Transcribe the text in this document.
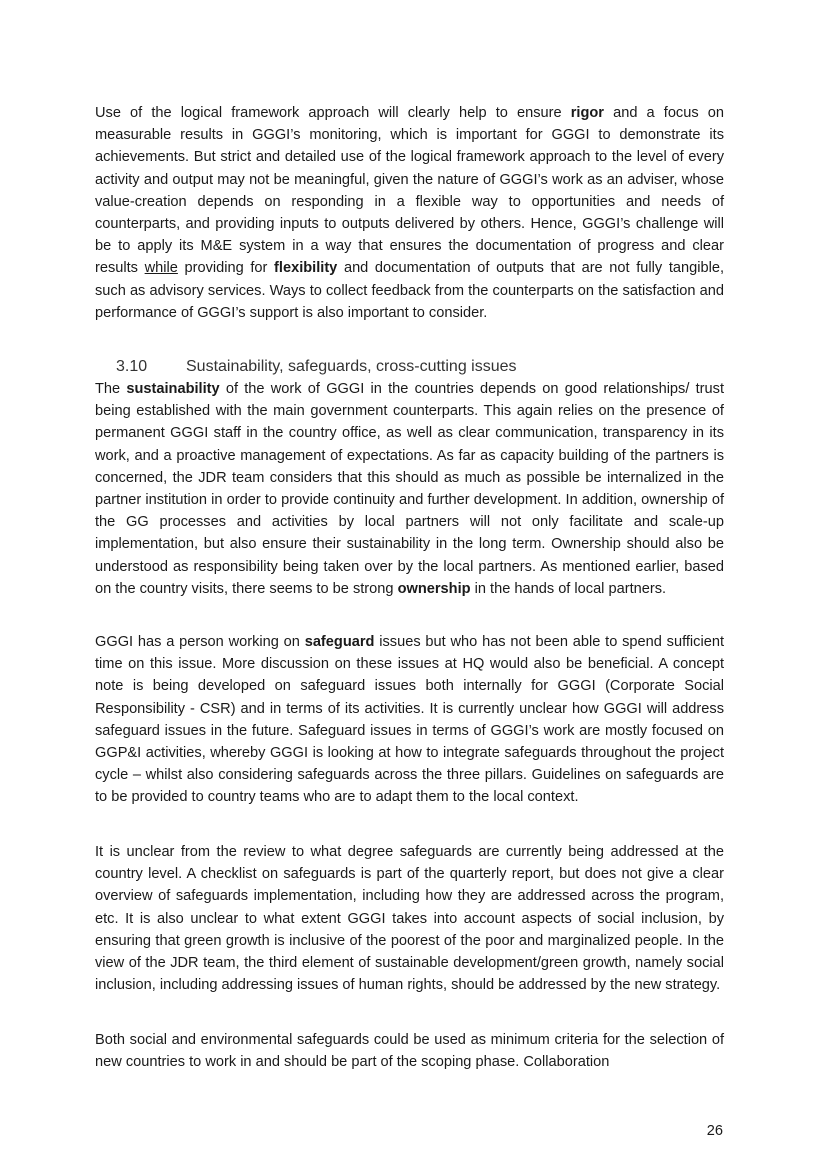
Use of the logical framework approach will clearly help to ensure rigor and a focus on measurable results in GGGI’s monitoring, which is important for GGGI to demonstrate its achievements. But strict and detailed use of the logical framework approach to the level of every activity and output may not be meaningful, given the nature of GGGI’s work as an adviser, whose value-creation depends on responding in a flexible way to opportunities and needs of counterparts, and providing inputs to outputs delivered by others. Hence, GGGI’s challenge will be to apply its M&E system in a way that ensures the documentation of progress and clear results while providing for flexibility and documentation of outputs that are not fully tangible, such as advisory services. Ways to collect feedback from the counterparts on the satisfaction and performance of GGGI’s support is also important to consider.

3.10 Sustainability, safeguards, cross-cutting issues

The sustainability of the work of GGGI in the countries depends on good relationships/ trust being established with the main government counterparts. This again relies on the presence of permanent GGGI staff in the country office, as well as clear communication, transparency in its work, and a proactive management of expectations. As far as capacity building of the partners is concerned, the JDR team considers that this should as much as possible be internalized in the partner institution in order to provide continuity and further development. In addition, ownership of the GG processes and activities by local partners will not only facilitate and scale-up implementation, but also ensure their sustainability in the long term. Ownership should also be understood as responsibility being taken over by the local partners. As mentioned earlier, based on the country visits, there seems to be strong ownership in the hands of local partners.

GGGI has a person working on safeguard issues but who has not been able to spend sufficient time on this issue. More discussion on these issues at HQ would also be beneficial. A concept note is being developed on safeguard issues both internally for GGGI (Corporate Social Responsibility - CSR) and in terms of its activities. It is currently unclear how GGGI will address safeguard issues in the future. Safeguard issues in terms of GGGI’s work are mostly focused on GGP&I activities, whereby GGGI is looking at how to integrate safeguards throughout the project cycle – whilst also considering safeguards across the three pillars. Guidelines on safeguards are to be provided to country teams who are to adapt them to the local context.

It is unclear from the review to what degree safeguards are currently being addressed at the country level. A checklist on safeguards is part of the quarterly report, but does not give a clear overview of safeguards implementation, including how they are addressed across the program, etc. It is also unclear to what extent GGGI takes into account aspects of social inclusion, by ensuring that green growth is inclusive of the poorest of the poor and marginalized people. In the view of the JDR team, the third element of sustainable development/green growth, namely social inclusion, including addressing issues of human rights, should be addressed by the new strategy.

Both social and environmental safeguards could be used as minimum criteria for the selection of new countries to work in and should be part of the scoping phase. Collaboration

26
